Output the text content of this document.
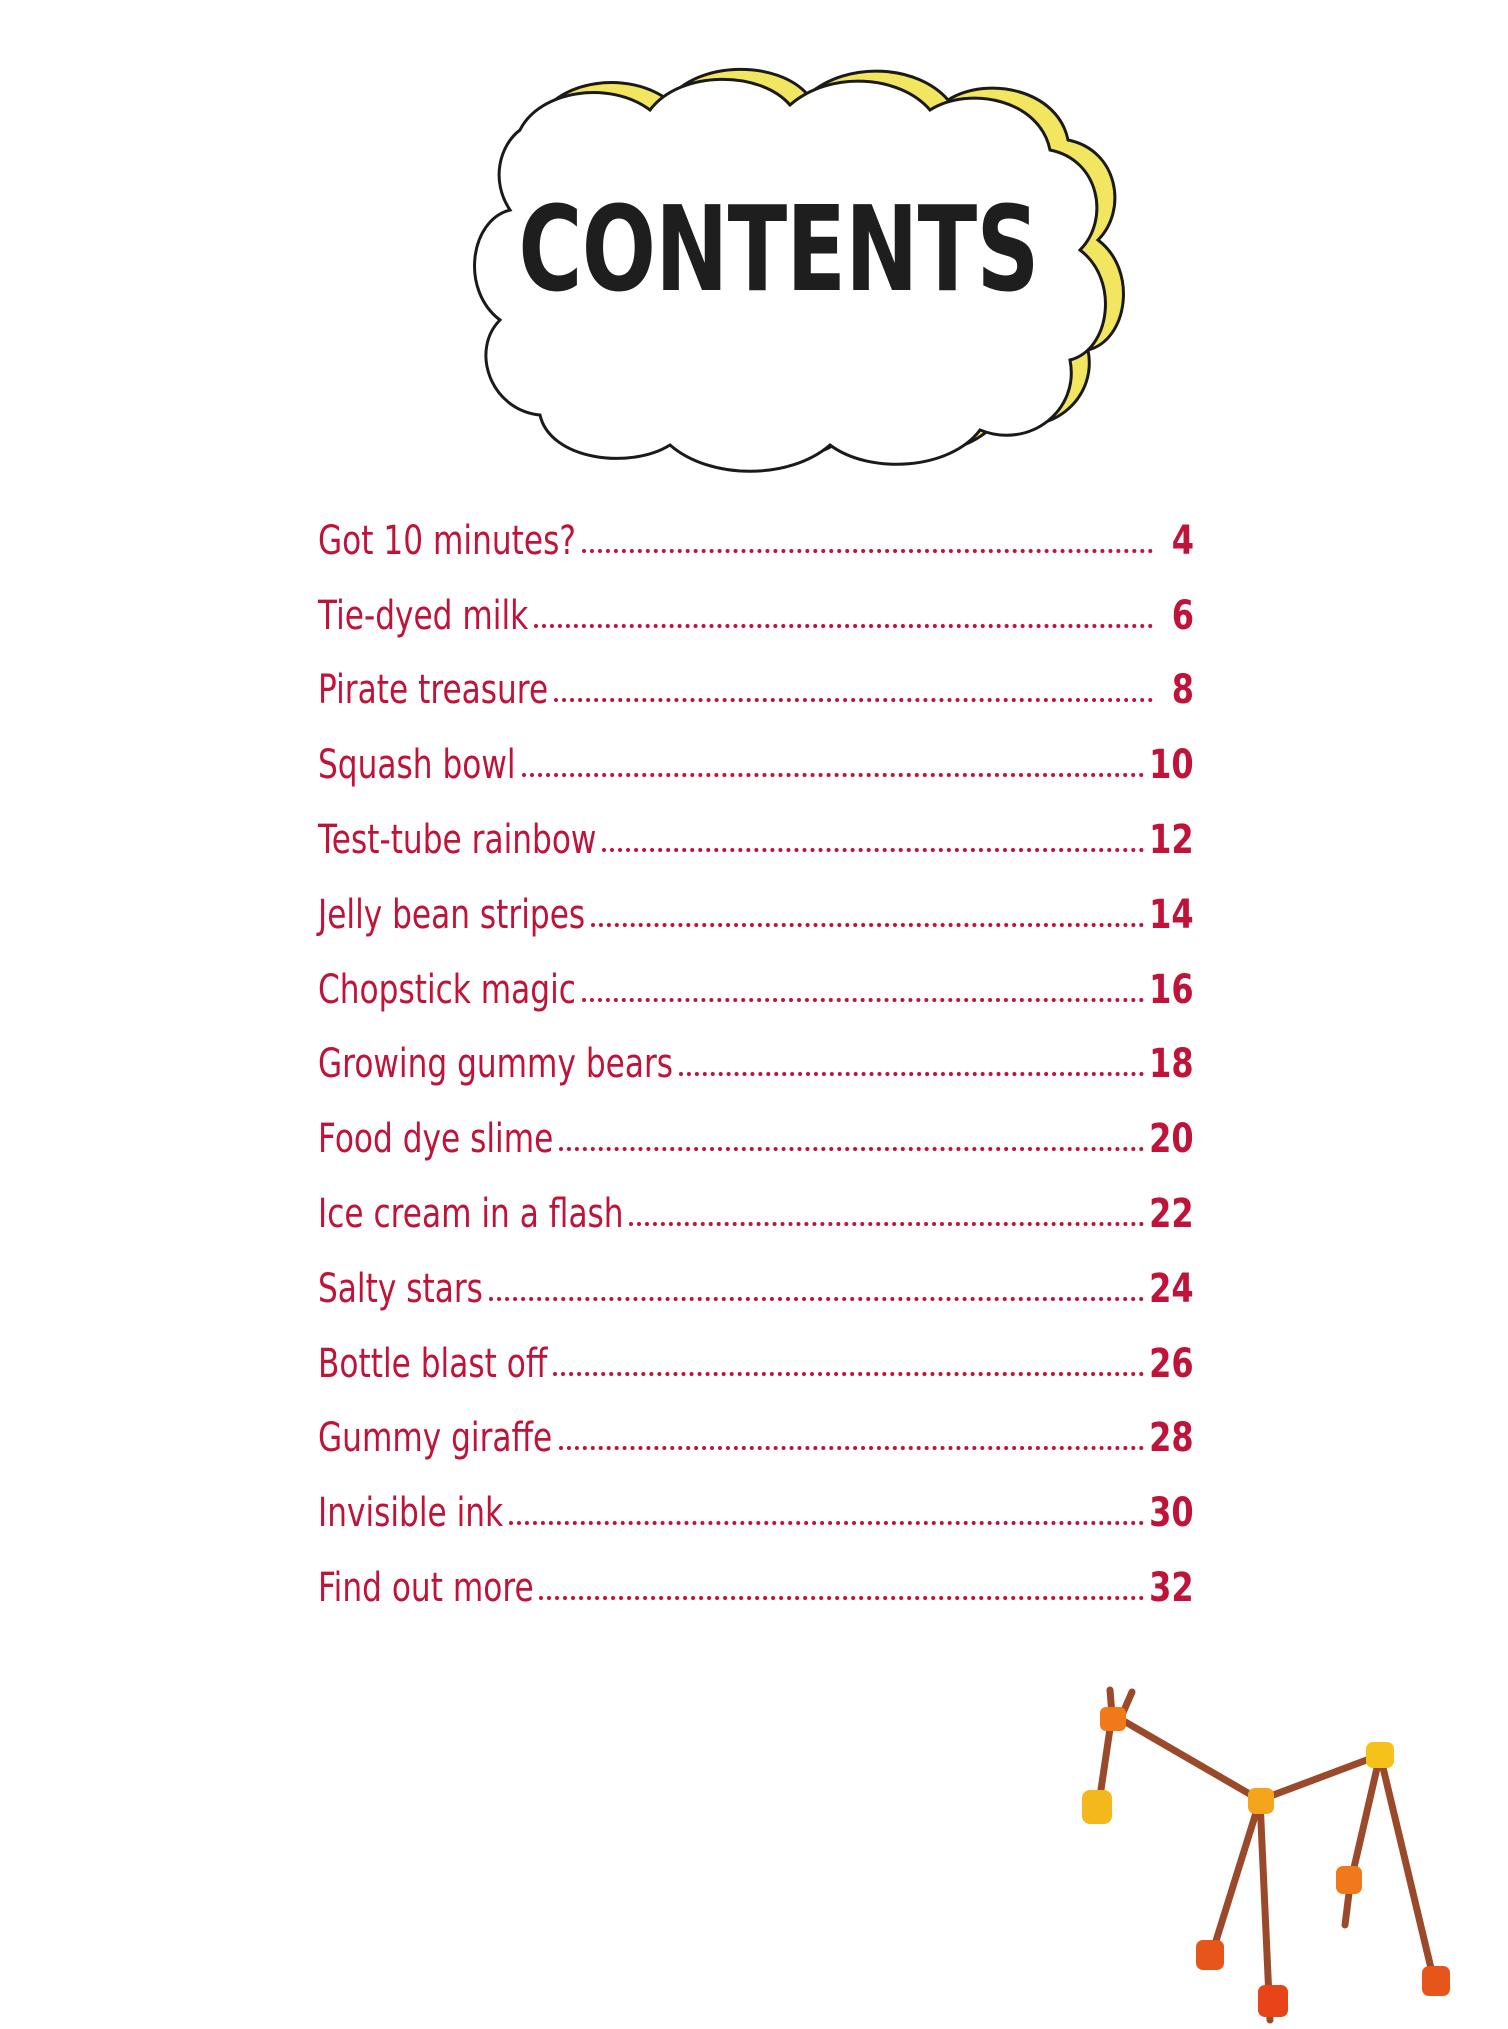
CONTENTS
Got 10 minutes?	4
Tie-dyed milk	6
Pirate treasure	8
Squash bowl	10
Test-tube rainbow	12
Jelly bean stripes	14
Chopstick magic	16
Growing gummy bears	18
Food dye slime	20
Ice cream in a flash	22
Salty stars	24
Bottle blast off	26
Gummy giraffe	28
Invisible ink	30
Find out more	32
